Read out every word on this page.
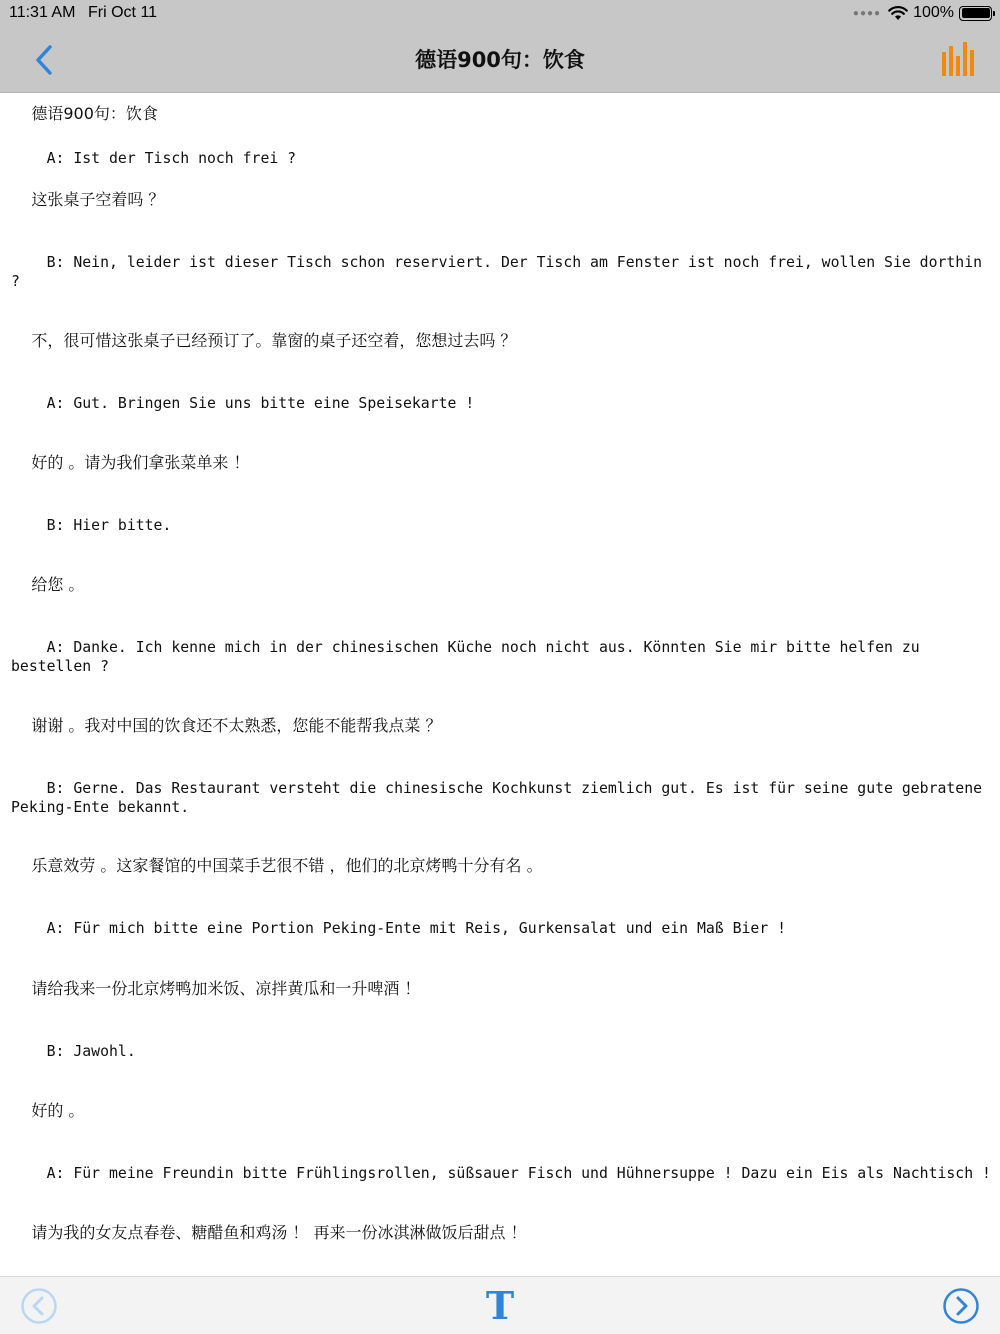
11:31 AM Fri Oct 11	●●●● 100%
德语900句：饮食
德语900句：饮食
A: Ist der Tisch noch frei ?
这张桌子空着吗 ？
B: Nein, leider ist dieser Tisch schon reserviert. Der Tisch am Fenster ist noch frei, wollen Sie dorthin ?
不，很可惜这张桌子已经预订了。靠窗的桌子还空着，您想过去吗 ？
A: Gut. Bringen Sie uns bitte eine Speisekarte !
好的 。请为我们拿张菜单来 ！
B: Hier bitte.
给您 。
A: Danke. Ich kenne mich in der chinesischen Küche noch nicht aus. Könnten Sie mir bitte helfen zu bestellen ?
谢谢 。我对中国的饮食还不太熟悉，您能不能帮我点菜 ？
B: Gerne. Das Restaurant versteht die chinesische Kochkunst ziemlich gut. Es ist für seine gute gebratene Peking-Ente bekannt.
乐意效劳 。这家餐馆的中国菜手艺很不错 ，他们的北京烤鸭十分有名 。
A: Für mich bitte eine Portion Peking-Ente mit Reis, Gurkensalat und ein Maß Bier !
请给我来一份北京烤鸭加米饭、凉拌黄瓜和一升啤酒 ！
B: Jawohl.
好的 。
A: Für meine Freundin bitte Frühlingsrollen, süßsauer Fisch und Hühnersuppe ! Dazu ein Eis als Nachtisch !
请为我的女友点春卷、糖醋鱼和鸡汤 ！ 再来一份冰淇淋做饭后甜点 ！
T
